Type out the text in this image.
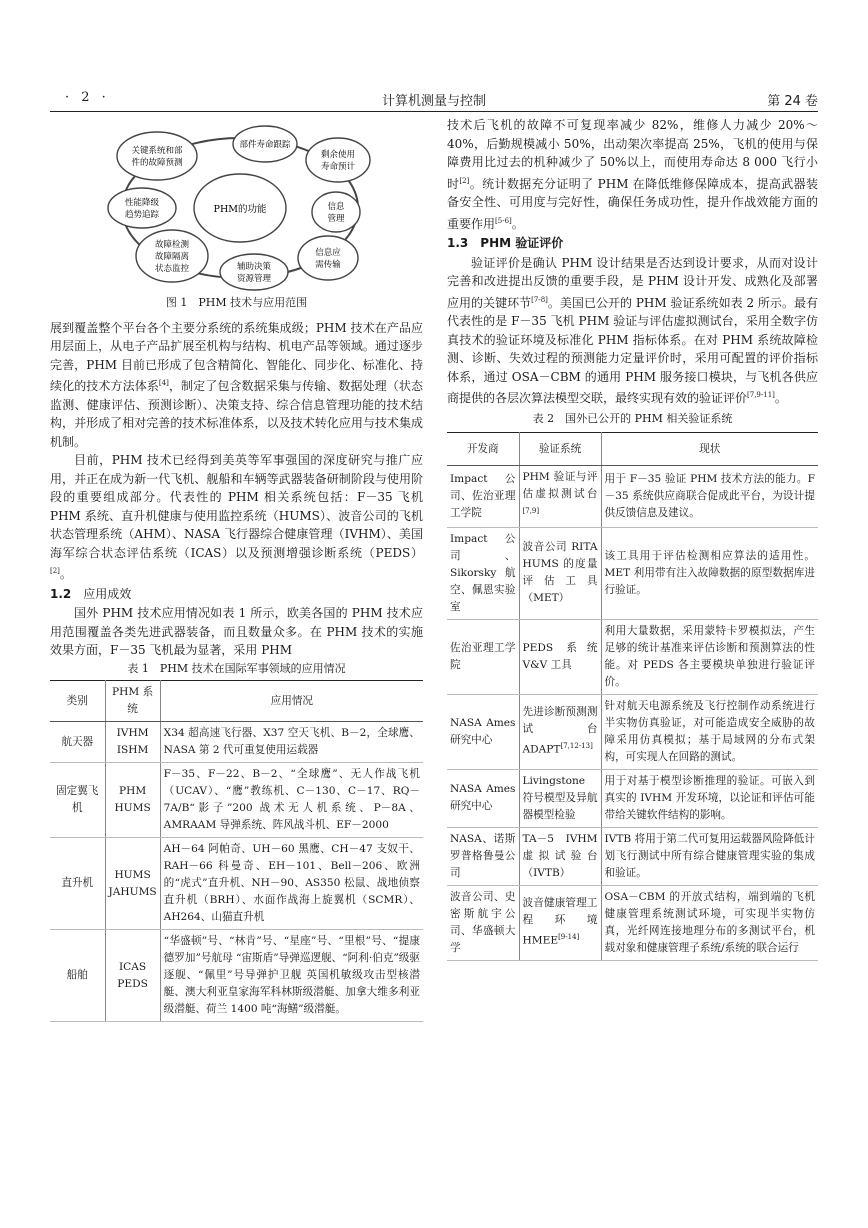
· 2 ·	计算机测量与控制	第 24 卷
PHM的功能
部件寿命跟踪
关键系统和部
件的故障预测
剩余使用
寿命预计
性能降级
趋势追踪
信息
管理
故障检测
故障隔离
状态监控
信息应
需传输
辅助决策
资源管理
图 1　PHM 技术与应用范围

展到覆盖整个平台各个主要分系统的系统集成级；PHM 技术在产品应用层面上，从电子产品扩展至机构与结构、机电产品等领域。通过逐步完善，PHM 目前已形成了包含精简化、智能化、同步化、标准化、持续化的技术方法体系[4]，制定了包含数据采集与传输、数据处理（状态监测、健康评估、预测诊断）、决策支持、综合信息管理功能的技术结构，并形成了相对完善的技术标准体系，以及技术转化应用与技术集成机制。

目前，PHM 技术已经得到美英等军事强国的深度研究与推广应用，并正在成为新一代飞机、舰船和车辆等武器装备研制阶段与使用阶段的重要组成部分。代表性的 PHM 相关系统包括：F－35 飞机 PHM 系统、直升机健康与使用监控系统（HUMS）、波音公司的飞机状态管理系统（AHM）、NASA 飞行器综合健康管理（IVHM）、美国海军综合状态评估系统（ICAS）以及预测增强诊断系统（PEDS）[2]。

1.2　 应用成效

国外 PHM 技术应用情况如表 1 所示，欧美各国的 PHM 技术应用范围覆盖各类先进武器装备，而且数量众多。在 PHM 技术的实施效果方面，F－35 飞机最为显著，采用 PHM

表 1　PHM 技术在国际军事领域的应用情况
类别	PHM 系统	应用情况
航天器	IVHM ISHM	X34 超高速飞行器、X37 空天飞机、B－2，全球鹰、NASA 第 2 代可重复使用运载器
固定翼飞机	PHM HUMS	F－35、F－22、B－2、“全球鹰”、无人作战飞机（UCAV）、“鹰”教练机、C－130、C－17、RQ－7A/B“影子”200 战术无人机系统、P－8A、AMRAAM 导弹系统、阵风战斗机、EF－2000
直升机	HUMS JAHUMS	AH－64 阿帕奇、UH－60 黑鹰、CH－47 支奴干、RAH－66 科曼奇、EH－101、Bell－206、欧洲的“虎式”直升机、NH－90、AS350 松鼠、战地侦察直升机（BRH）、水面作战海上旋翼机（SCMR）、AH264、山猫直升机
船舶	ICAS PEDS	“华盛顿”号、“林肯”号、“星座”号、“里根”号、“提康德罗加”号航母 “宙斯盾”导弹巡逻舰、“阿利·伯克”级驱逐舰、“佩里”号导弹护卫舰 英国机敏级攻击型核潜艇、澳大利亚皇家海军科林斯级潜艇、加拿大维多利亚级潜艇、荷兰 1400 吨“海鳝”级潜艇。

技术后飞机的故障不可复现率减少 82%，维修人力减少 20%～40%，后勤规模减小 50%，出动架次率提高 25%，飞机的使用与保障费用比过去的机种减少了 50%以上，而使用寿命达 8 000 飞行小时[2]。统计数据充分证明了 PHM 在降低维修保障成本，提高武器装备安全性、可用度与完好性，确保任务成功性，提升作战效能方面的重要作用[5-6]。

1.3　 PHM 验证评价

验证评价是确认 PHM 设计结果是否达到设计要求，从而对设计完善和改进提出反馈的重要手段，是 PHM 设计开发、成熟化及部署应用的关键环节[7-8]。美国已公开的 PHM 验证系统如表 2 所示。最有代表性的是 F－35 飞机 PHM 验证与评估虚拟测试台，采用全数字仿真技术的验证环境及标准化 PHM 指标体系。在对 PHM 系统故障检测、诊断、失效过程的预测能力定量评价时，采用可配置的评价指标体系，通过 OSA－CBM 的通用 PHM 服务接口模块，与飞机各供应商提供的各层次算法模型交联，最终实现有效的验证评价[7,9-11]。

表 2　国外已公开的 PHM 相关验证系统
开发商	验证系统	现状
Impact 公司、佐治亚理工学院	PHM 验证与评估虚拟测试台[7,9]	用于 F－35 验证 PHM 技术方法的能力。F－35 系统供应商联合促成此平台，为设计提供反馈信息及建议。
Impact 公司、Sikorsky 航空、佩恩实验室	波音公司 RITA HUMS 的度量评估工具（MET）	该工具用于评估检测相应算法的适用性。MET 利用带有注入故障数据的原型数据库进行验证。
佐治亚理工学院	PEDS 系统 V&V 工具	利用大量数据，采用蒙特卡罗模拟法，产生足够的统计基准来评估诊断和预测算法的性能。对 PEDS 各主要模块单独进行验证评价。
NASA Ames 研究中心	先进诊断预测测试台 ADAPT[7,12-13]	针对航天电源系统及飞行控制作动系统进行半实物仿真验证，对可能造成安全威胁的故障采用仿真模拟；基于局域网的分布式架构，可实现人在回路的测试。
NASA Ames 研究中心	Livingstone 符号模型及异航器模型检验	用于对基于模型诊断推理的验证。可嵌入到真实的 IVHM 开发环境，以论证和评估可能带给关键软件结构的影响。
NASA、诺斯罗普格鲁曼公司	TA－5 IVHM 虚拟试验台（IVTB）	IVTB 将用于第二代可复用运载器风险降低计划飞行测试中所有综合健康管理实验的集成和验证。
波音公司、史密斯航宇公司、华盛顿大学	波音健康管理工程环境 HMEE[9-14]	OSA－CBM 的开放式结构，端到端的飞机健康管理系统测试环境，可实现半实物仿真，光纤网连接地理分布的多测试平台，机载对象和健康管理子系统/系统的联合运行
